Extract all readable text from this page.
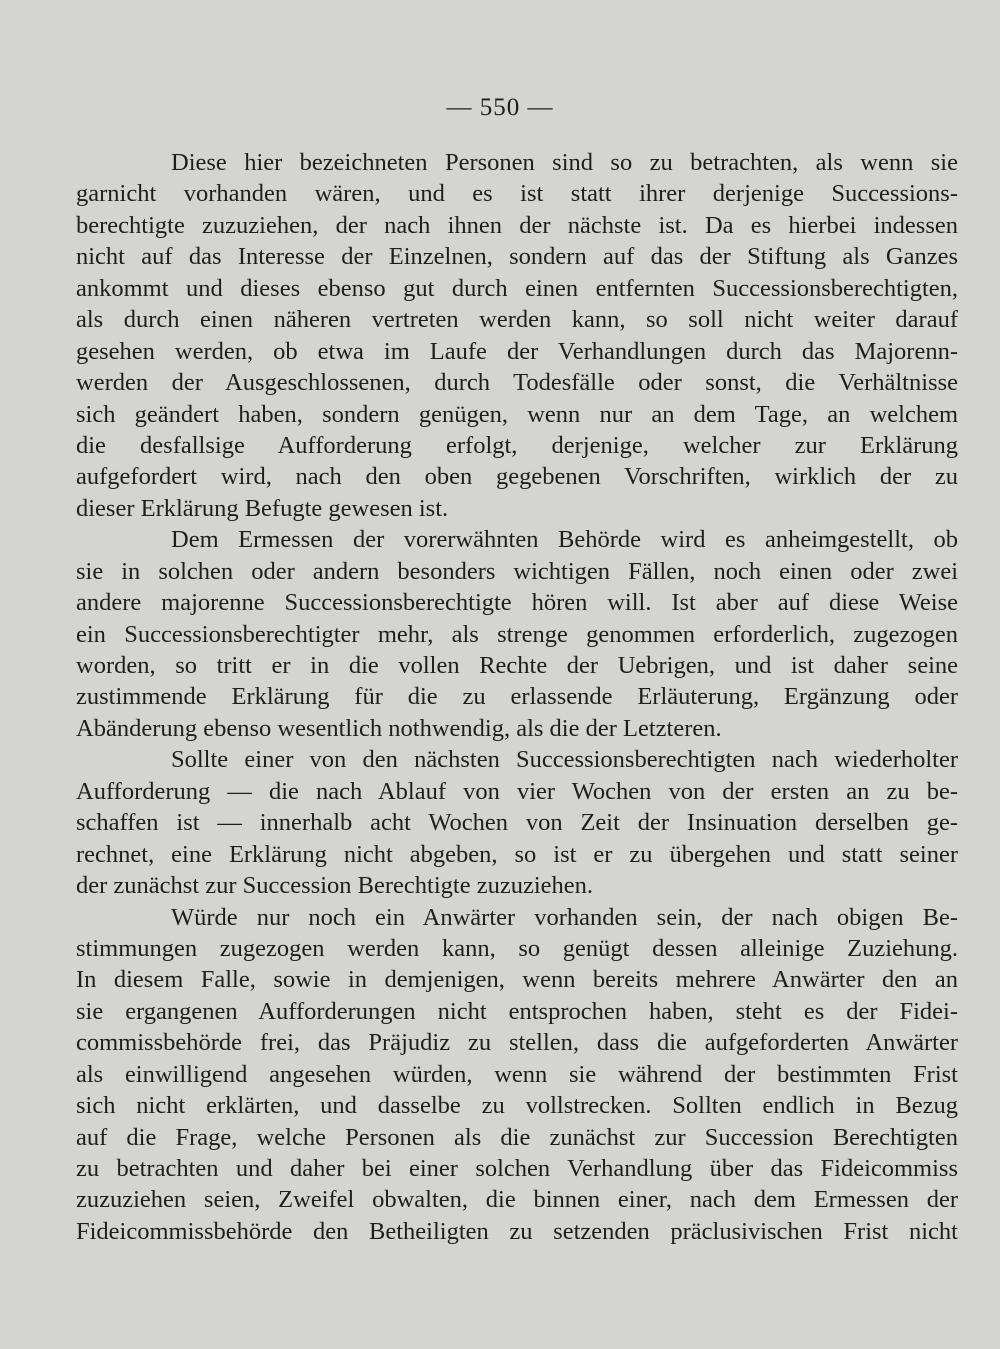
— 550 —
Diese hier bezeichneten Personen sind so zu betrachten, als wenn sie
garnicht vorhanden wären, und es ist statt ihrer derjenige Successions-
berechtigte zuzuziehen, der nach ihnen der nächste ist. Da es hierbei indessen
nicht auf das Interesse der Einzelnen, sondern auf das der Stiftung als Ganzes
ankommt und dieses ebenso gut durch einen entfernten Successionsberechtigten,
als durch einen näheren vertreten werden kann, so soll nicht weiter darauf
gesehen werden, ob etwa im Laufe der Verhandlungen durch das Majorenn-
werden der Ausgeschlossenen, durch Todesfälle oder sonst, die Verhältnisse
sich geändert haben, sondern genügen, wenn nur an dem Tage, an welchem
die desfallsige Aufforderung erfolgt, derjenige, welcher zur Erklärung
aufgefordert wird, nach den oben gegebenen Vorschriften, wirklich der zu
dieser Erklärung Befugte gewesen ist.
Dem Ermessen der vorerwähnten Behörde wird es anheimgestellt, ob
sie in solchen oder andern besonders wichtigen Fällen, noch einen oder zwei
andere majorenne Successionsberechtigte hören will. Ist aber auf diese Weise
ein Successionsberechtigter mehr, als strenge genommen erforderlich, zugezogen
worden, so tritt er in die vollen Rechte der Uebrigen, und ist daher seine
zustimmende Erklärung für die zu erlassende Erläuterung, Ergänzung oder
Abänderung ebenso wesentlich nothwendig, als die der Letzteren.
Sollte einer von den nächsten Successionsberechtigten nach wiederholter
Aufforderung — die nach Ablauf von vier Wochen von der ersten an zu be-
schaffen ist — innerhalb acht Wochen von Zeit der Insinuation derselben ge-
rechnet, eine Erklärung nicht abgeben, so ist er zu übergehen und statt seiner
der zunächst zur Succession Berechtigte zuzuziehen.
Würde nur noch ein Anwärter vorhanden sein, der nach obigen Be-
stimmungen zugezogen werden kann, so genügt dessen alleinige Zuziehung.
In diesem Falle, sowie in demjenigen, wenn bereits mehrere Anwärter den an
sie ergangenen Aufforderungen nicht entsprochen haben, steht es der Fidei-
commissbehörde frei, das Präjudiz zu stellen, dass die aufgeforderten Anwärter
als einwilligend angesehen würden, wenn sie während der bestimmten Frist
sich nicht erklärten, und dasselbe zu vollstrecken. Sollten endlich in Bezug
auf die Frage, welche Personen als die zunächst zur Succession Berechtigten
zu betrachten und daher bei einer solchen Verhandlung über das Fideicommiss
zuzuziehen seien, Zweifel obwalten, die binnen einer, nach dem Ermessen der
Fideicommissbehörde den Betheiligten zu setzenden präclusivischen Frist nicht
